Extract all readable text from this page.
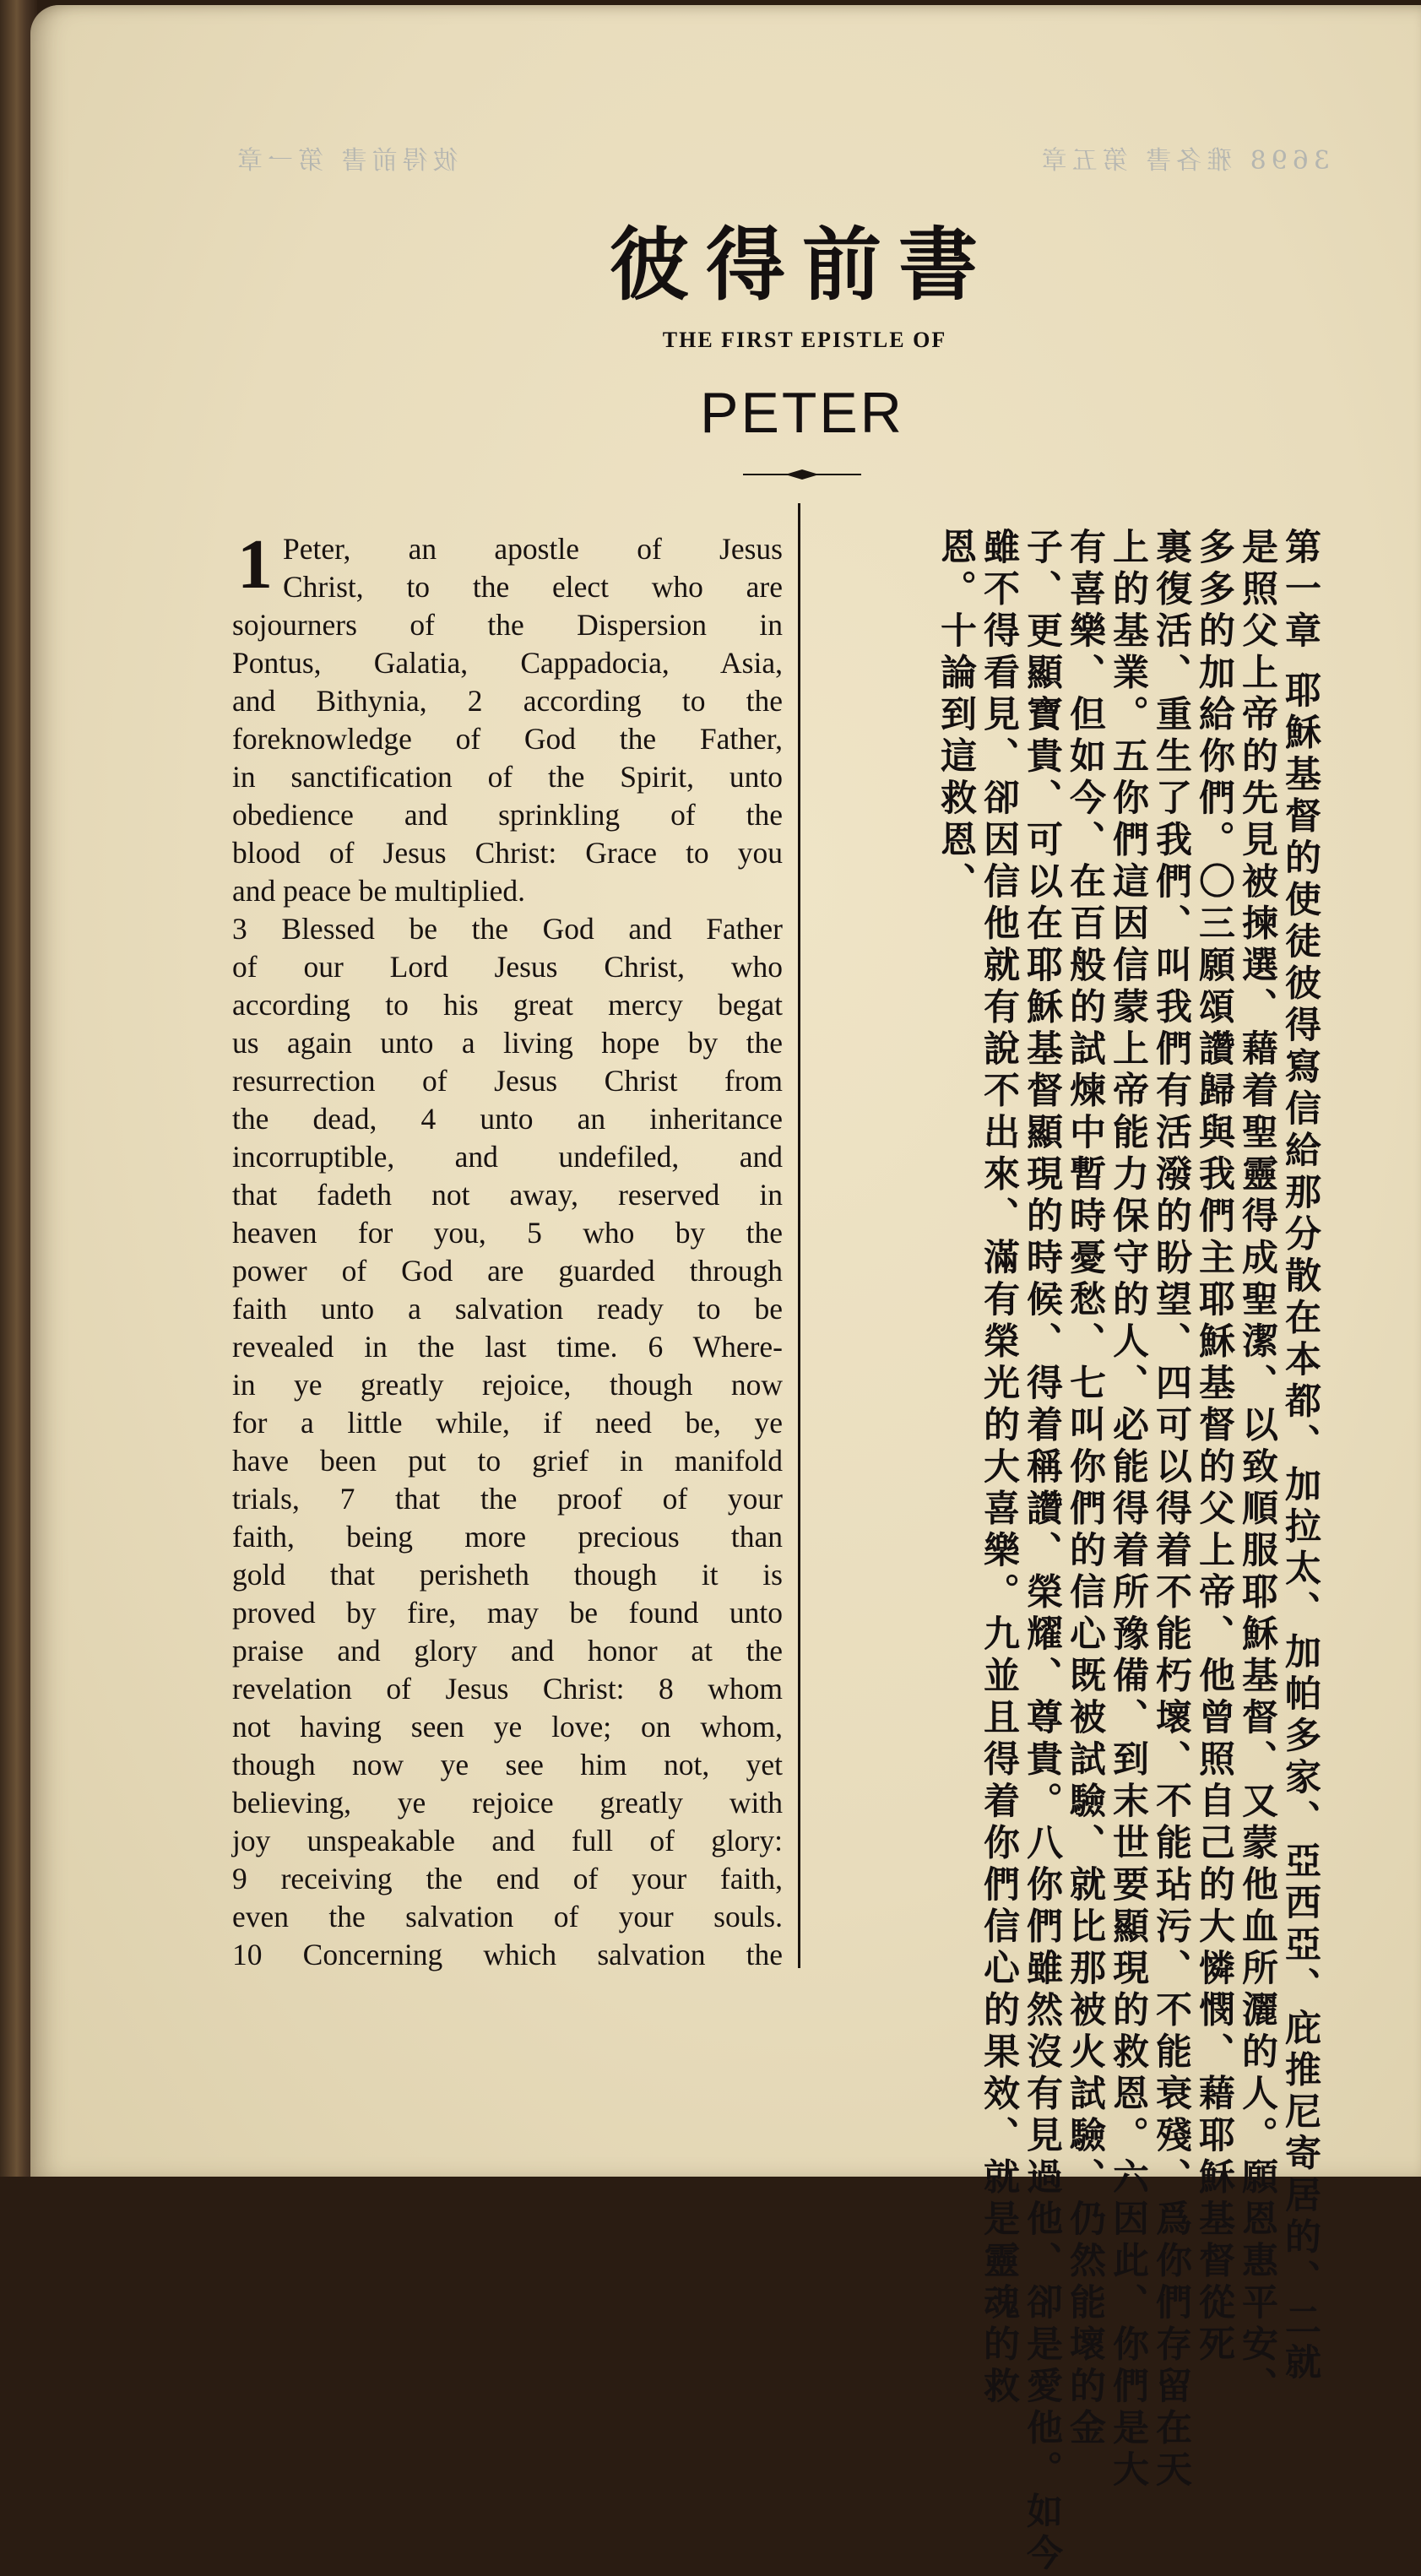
3698 雅各書 第五章
彼得前書 第一章
彼得前書
THE FIRST EPISTLE OF
PETER
1 Peter, an apostle of Jesus
Christ, to the elect who are
sojourners of the Dispersion in
Pontus, Galatia, Cappadocia, Asia,
and Bithynia, 2 according to the
foreknowledge of God the Father,
in sanctification of the Spirit, unto
obedience and sprinkling of the
blood of Jesus Christ: Grace to you
and peace be multiplied.
3 Blessed be the God and Father
of our Lord Jesus Christ, who
according to his great mercy begat
us again unto a living hope by the
resurrection of Jesus Christ from
the dead, 4 unto an inheritance
incorruptible, and undefiled, and
that fadeth not away, reserved in
heaven for you, 5 who by the
power of God are guarded through
faith unto a salvation ready to be
revealed in the last time. 6 Where-
in ye greatly rejoice, though now
for a little while, if need be, ye
have been put to grief in manifold
trials, 7 that the proof of your
faith, being more precious than
gold that perisheth though it is
proved by fire, may be found unto
praise and glory and honor at the
revelation of Jesus Christ: 8 whom
not having seen ye love; on whom,
though now ye see him not, yet
believing, ye rejoice greatly with
joy unspeakable and full of glory:
9 receiving the end of your faith,
even the salvation of your souls.
10 Concerning which salvation the	第一章 耶穌基督的使徒彼得寫信給那分散在本都、加拉太、加帕多家、亞西亞、庇推尼寄居的、二就
是照父上帝的先見被揀選、藉着聖靈得成聖潔、以致順服耶穌基督、又蒙他血所灑的人。願恩惠平安、
多多的加給你們。〇三願頌讚歸與我們主耶穌基督的父上帝、他曾照自己的大憐憫、藉耶穌基督從死
裏復活、重生了我們、叫我們有活潑的盼望、四可以得着不能朽壞、不能玷污、不能衰殘、爲你們存留在天
上的基業。五你們這因信蒙上帝能力保守的人、必能得着所豫備、到末世要顯現的救恩。六因此、你們是大
有喜樂、但如今、在百般的試煉中暫時憂愁、七叫你們的信心既被試驗、就比那被火試驗、仍然能壞的金
子、更顯寶貴、可以在耶穌基督顯現的時候、得着稱讚、榮耀、尊貴。八你們雖然沒有見過他、卻是愛他。如今
雖不得看見、卻因信他就有說不出來、滿有榮光的大喜樂。九並且得着你們信心的果效、就是靈魂的救
恩。十論到這救恩、
